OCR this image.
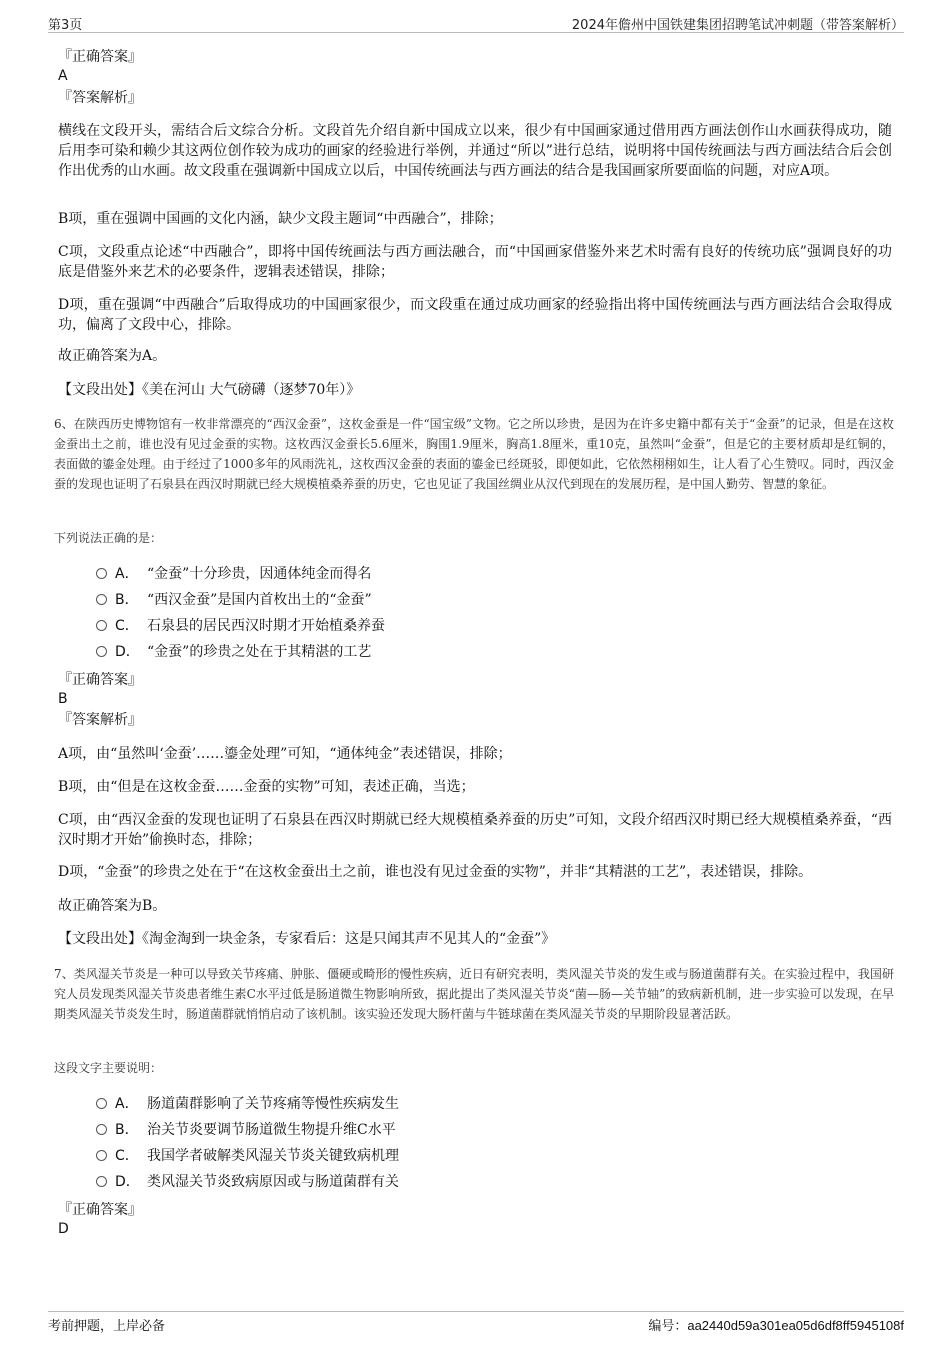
第3页	2024年儋州中国铁建集团招聘笔试冲刺题（带答案解析）
『正确答案』
A
『答案解析』
横线在文段开头，需结合后文综合分析。文段首先介绍自新中国成立以来，很少有中国画家通过借用西方画法创作山水画获得成功，随后用李可染和赖少其这两位创作较为成功的画家的经验进行举例，并通过“所以”进行总结，说明将中国传统画法与西方画法结合后会创作出优秀的山水画。故文段重在强调新中国成立以后，中国传统画法与西方画法的结合是我国画家所要面临的问题，对应A项。
B项，重在强调中国画的文化内涵，缺少文段主题词“中西融合”，排除；
C项，文段重点论述“中西融合”，即将中国传统画法与西方画法融合，而“中国画家借鉴外来艺术时需有良好的传统功底”强调良好的功底是借鉴外来艺术的必要条件，逻辑表述错误，排除；
D项，重在强调“中西融合”后取得成功的中国画家很少，而文段重在通过成功画家的经验指出将中国传统画法与西方画法结合会取得成功，偏离了文段中心，排除。
故正确答案为A。
【文段出处】《美在河山 大气磅礴（逐梦70年）》
6、在陕西历史博物馆有一枚非常漂亮的“西汉金蚕”，这枚金蚕是一件“国宝级”文物。它之所以珍贵，是因为在许多史籍中都有关于“金蚕”的记录，但是在这枚金蚕出土之前，谁也没有见过金蚕的实物。这枚西汉金蚕长5.6厘米，胸围1.9厘米，胸高1.8厘米，重10克，虽然叫“金蚕”，但是它的主要材质却是红铜的，表面做的鎏金处理。由于经过了1000多年的风雨洗礼，这枚西汉金蚕的表面的鎏金已经斑驳，即便如此，它依然栩栩如生，让人看了心生赞叹。同时，西汉金蚕的发现也证明了石泉县在西汉时期就已经大规模植桑养蚕的历史，它也见证了我国丝绸业从汉代到现在的发展历程，是中国人勤劳、智慧的象征。
下列说法正确的是：
A． “金蚕”十分珍贵，因通体纯金而得名
B． “西汉金蚕”是国内首枚出土的“金蚕”
C． 石泉县的居民西汉时期才开始植桑养蚕
D． “金蚕”的珍贵之处在于其精湛的工艺
『正确答案』
B
『答案解析』
A项，由“虽然叫‘金蚕’……鎏金处理”可知，“通体纯金”表述错误，排除；
B项，由“但是在这枚金蚕……金蚕的实物”可知，表述正确，当选；
C项，由“西汉金蚕的发现也证明了石泉县在西汉时期就已经大规模植桑养蚕的历史”可知，文段介绍西汉时期已经大规模植桑养蚕，“西汉时期才开始”偷换时态，排除；
D项，“金蚕”的珍贵之处在于“在这枚金蚕出土之前，谁也没有见过金蚕的实物”，并非“其精湛的工艺”，表述错误，排除。
故正确答案为B。
【文段出处】《淘金淘到一块金条，专家看后：这是只闻其声不见其人的“金蚕”》
7、类风湿关节炎是一种可以导致关节疼痛、肿胀、僵硬或畸形的慢性疾病，近日有研究表明，类风湿关节炎的发生或与肠道菌群有关。在实验过程中，我国研究人员发现类风湿关节炎患者维生素C水平过低是肠道微生物影响所致，据此提出了类风湿关节炎“菌—肠—关节轴”的致病新机制，进一步实验可以发现，在早期类风湿关节炎发生时，肠道菌群就悄悄启动了该机制。该实验还发现大肠杆菌与牛链球菌在类风湿关节炎的早期阶段显著活跃。
这段文字主要说明：
A． 肠道菌群影响了关节疼痛等慢性疾病发生
B． 治关节炎要调节肠道微生物提升维C水平
C． 我国学者破解类风湿关节炎关键致病机理
D． 类风湿关节炎致病原因或与肠道菌群有关
『正确答案』
D
考前押题，上岸必备	编号：aa2440d59a301ea05d6df8ff5945108f
